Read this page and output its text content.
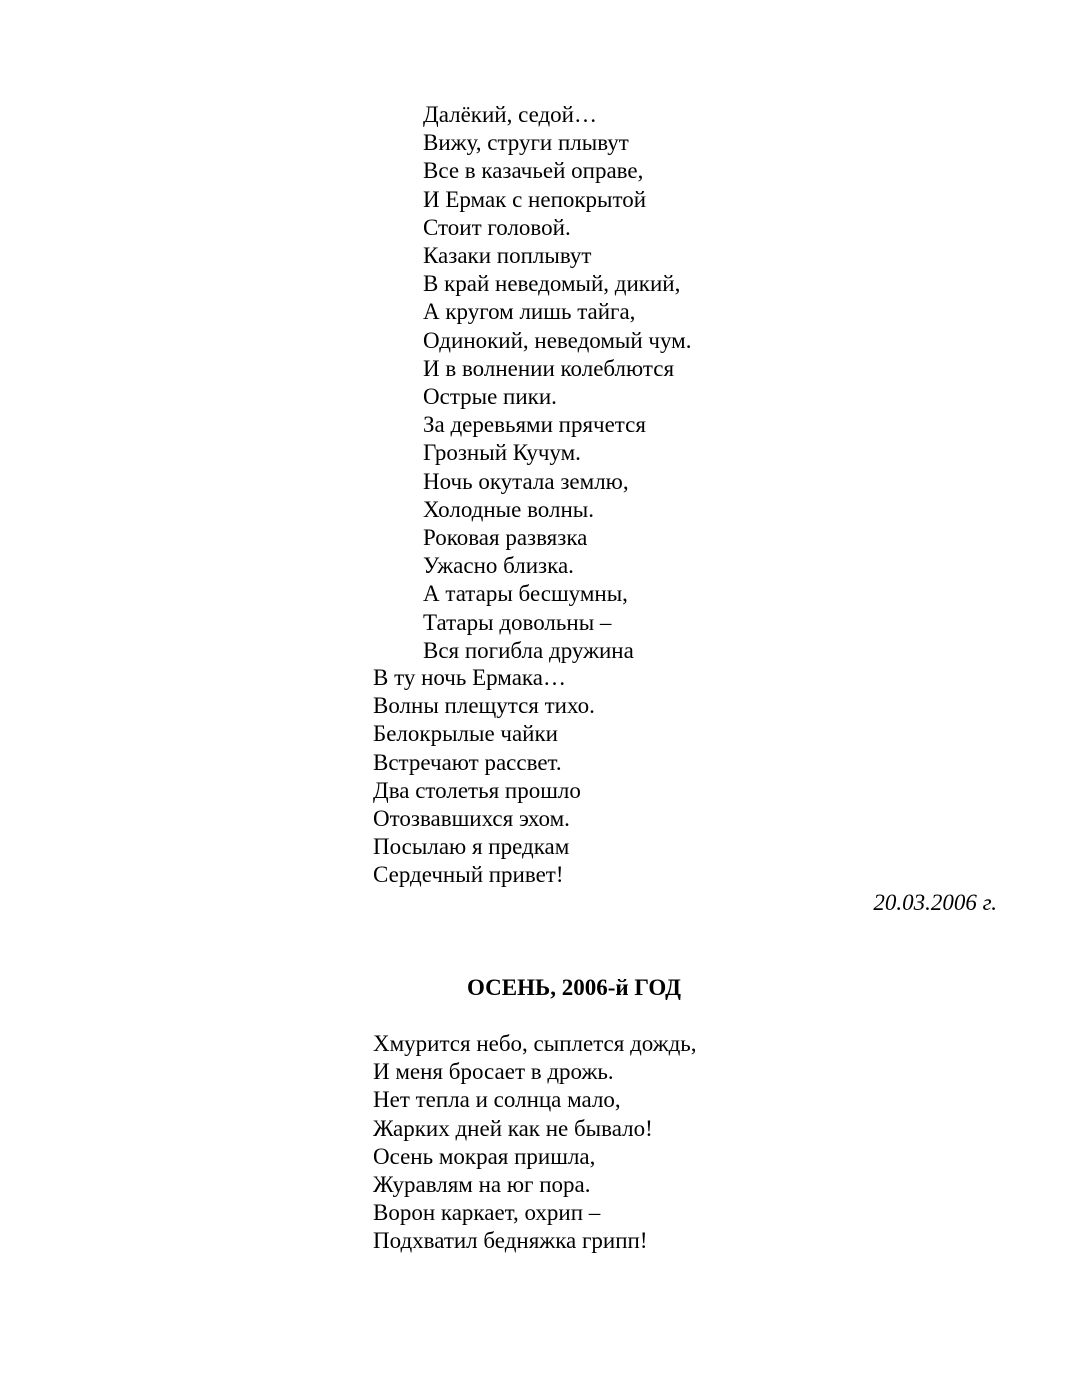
Далёкий, седой…
Вижу, струги плывут
Все в казачьей оправе,
И Ермак с непокрытой
Стоит головой.
Казаки поплывут
В край неведомый, дикий,
А кругом лишь тайга,
Одинокий, неведомый чум.
И в волнении колеблются
Острые пики.
За деревьями прячется
Грозный Кучум.
Ночь окутала землю,
Холодные волны.
Роковая развязка
Ужасно близка.
А татары бесшумны,
Татары довольны –
Вся погибла дружина
В ту ночь Ермака…
Волны плещутся тихо.
Белокрылые чайки
Встречают рассвет.
Два столетья прошло
Отозвавшихся эхом.
Посылаю я предкам
Сердечный привет!
20.03.2006 г.
ОСЕНЬ, 2006-й ГОД
Хмурится небо, сыплется дождь,
И меня бросает в дрожь.
Нет тепла и солнца мало,
Жарких дней как не бывало!
Осень мокрая пришла,
Журавлям на юг пора.
Ворон каркает, охрип –
Подхватил бедняжка грипп!
